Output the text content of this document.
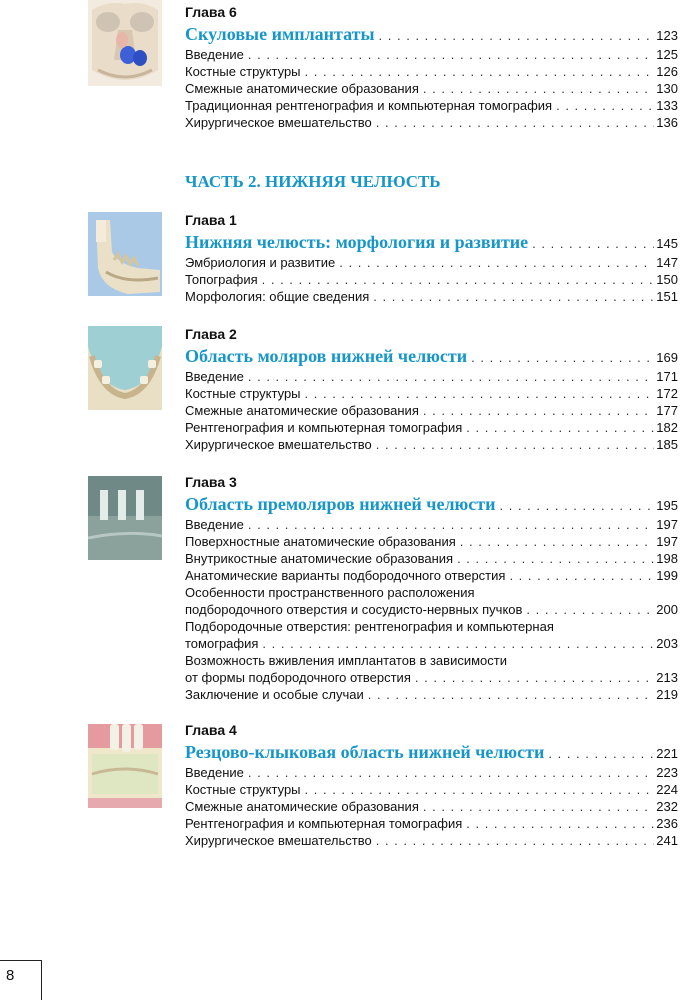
Глава 6
Скуловые имплантаты . . .	123
Введение . . .	125
Костные структуры . . .	126
Смежные анатомические образования . . .	130
Традиционная рентгенография и компьютерная томография . . .	133
Хирургическое вмешательство . . .	136
ЧАСТЬ 2. НИЖНЯЯ ЧЕЛЮСТЬ
Глава 1
Нижняя челюсть: морфология и развитие . . .	145
Эмбриология и развитие . . .	147
Топография . . .	150
Морфология: общие сведения . . .	151
Глава 2
Область моляров нижней челюсти . . .	169
Введение . . .	171
Костные структуры . . .	172
Смежные анатомические образования . . .	177
Рентгенография и компьютерная томография . . .	182
Хирургическое вмешательство . . .	185
Глава 3
Область премоляров нижней челюсти . . .	195
Введение . . .	197
Поверхностные анатомические образования . . .	197
Внутрикостные анатомические образования . . .	198
Анатомические варианты подбородочного отверстия . . .	199
Особенности пространственного расположения
подбородочного отверстия и сосудисто-нервных пучков . . .	200
Подбородочные отверстия: рентгенография и компьютерная
томография . . .	203
Возможность вживления имплантатов в зависимости
от формы подбородочного отверстия . . .	213
Заключение и особые случаи . . .	219
Глава 4
Резцово-клыковая область нижней челюсти . . .	221
Введение . . .	223
Костные структуры . . .	224
Смежные анатомические образования . . .	232
Рентгенография и компьютерная томография . . .	236
Хирургическое вмешательство . . .	241
8
